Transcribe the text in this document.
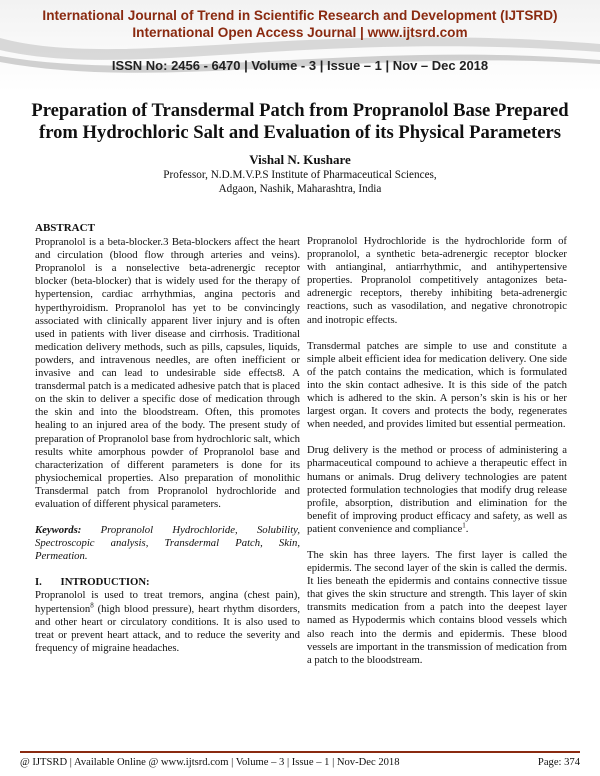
International Journal of Trend in Scientific Research and Development (IJTSRD)
International Open Access Journal | www.ijtsrd.com
ISSN No: 2456 - 6470 | Volume - 3 | Issue – 1 | Nov – Dec 2018
Preparation of Transdermal Patch from Propranolol Base Prepared
from Hydrochloric Salt and Evaluation of its Physical Parameters
Vishal N. Kushare
Professor, N.D.M.V.P.S Institute of Pharmaceutical Sciences,
Adgaon, Nashik, Maharashtra, India
ABSTRACT

Propranolol is a beta-blocker.3 Beta-blockers affect the heart and circulation (blood flow through arteries and veins). Propranolol is a nonselective beta-adrenergic receptor blocker (beta-blocker) that is widely used for the therapy of hypertension, cardiac arrhythmias, angina pectoris and hyperthyroidism. Propranolol has yet to be convincingly associated with clinically apparent liver injury and is often used in patients with liver disease and cirrhosis. Traditional medication delivery methods, such as pills, capsules, liquids, powders, and intravenous needles, are often inefficient or invasive and can lead to undesirable side effects8. A transdermal patch is a medicated adhesive patch that is placed on the skin to deliver a specific dose of medication through the skin and into the bloodstream. Often, this promotes healing to an injured area of the body. The present study of preparation of Propranolol base from hydrochloric salt, which results white amorphous powder of Propranolol base and characterization of different parameters is done for its physiochemical properties. Also preparation of monolithic Transdermal patch from Propranolol hydrochloride and evaluation of different physical parameters.

Keywords: Propranolol Hydrochloride, Solubility, Spectroscopic analysis, Transdermal Patch, Skin, Permeation.

I. INTRODUCTION:

Propranolol is used to treat tremors, angina (chest pain), hypertension$^8$ (high blood pressure), heart rhythm disorders, and other heart or circulatory conditions. It is also used to treat or prevent heart attack, and to reduce the severity and frequency of migraine headaches.

Propranolol Hydrochloride is the hydrochloride form of propranolol, a synthetic beta-adrenergic receptor blocker with antianginal, antiarrhythmic, and antihypertensive properties. Propranolol competitively antagonizes beta-adrenergic receptors, thereby inhibiting beta-adrenergic reactions, such as vasodilation, and negative chronotropic and inotropic effects.

Transdermal patches are simple to use and constitute a simple albeit efficient idea for medication delivery. One side of the patch contains the medication, which is formulated into the skin contact adhesive. It is this side of the patch which is adhered to the skin. A person’s skin is his or her largest organ. It covers and protects the body, regenerates when needed, and provides limited but essential permeation.

Drug delivery is the method or process of administering a pharmaceutical compound to achieve a therapeutic effect in humans or animals. Drug delivery technologies are patent protected formulation technologies that modify drug release profile, absorption, distribution and elimination for the benefit of improving product efficacy and safety, as well as patient convenience and compliance$^1$.

The skin has three layers. The first layer is called the epidermis. The second layer of the skin is called the dermis. It lies beneath the epidermis and contains connective tissue that gives the skin structure and strength. This layer of skin transmits medication from a patch into the deepest layer named as Hypodermis which contains blood vessels which also reach into the dermis and epidermis. These blood vessels are important in the transmission of medication from a patch to the bloodstream.

@ IJTSRD | Available Online @ www.ijtsrd.com | Volume – 3 | Issue – 1 | Nov-Dec 2018	Page: 374
